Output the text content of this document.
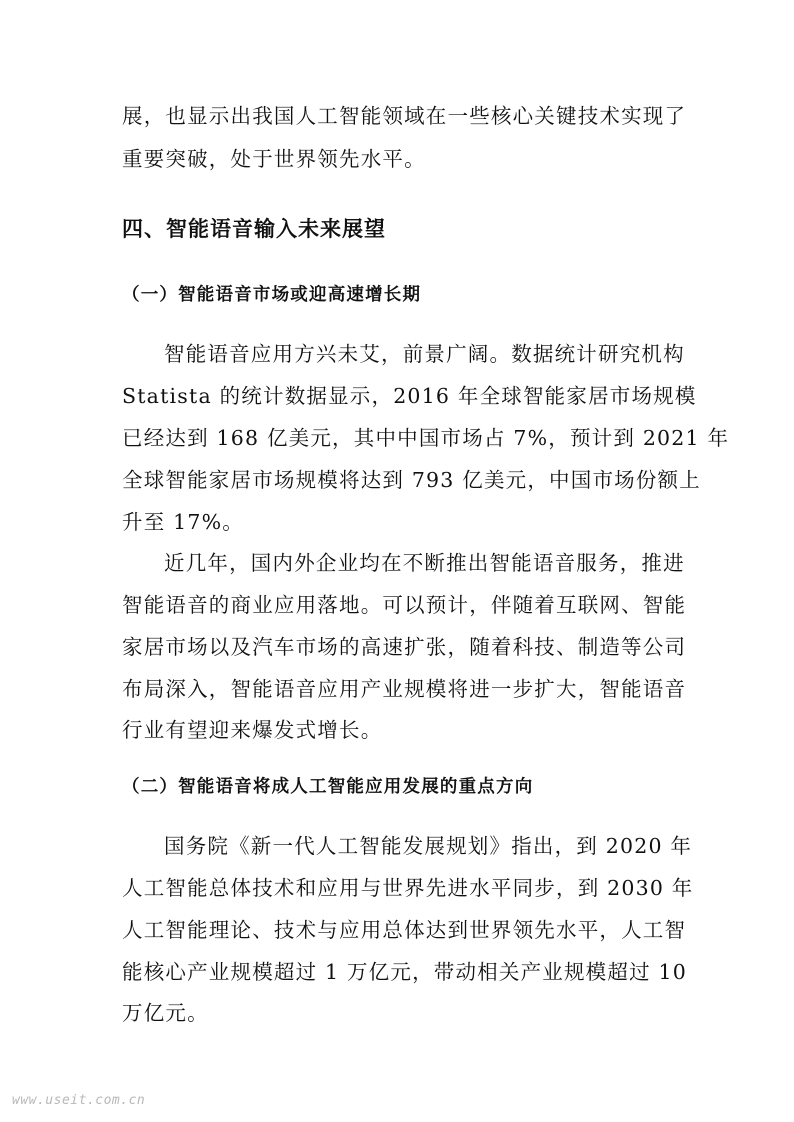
展，也显示出我国人工智能领域在一些核心关键技术实现了
重要突破，处于世界领先水平。
四、智能语音输入未来展望
（一）智能语音市场或迎高速增长期
智能语音应用方兴未艾，前景广阔。数据统计研究机构
Statista 的统计数据显示，2016 年全球智能家居市场规模
已经达到 168 亿美元，其中中国市场占 7%，预计到 2021 年
全球智能家居市场规模将达到 793 亿美元，中国市场份额上
升至 17%。
近几年，国内外企业均在不断推出智能语音服务，推进
智能语音的商业应用落地。可以预计，伴随着互联网、智能
家居市场以及汽车市场的高速扩张，随着科技、制造等公司
布局深入，智能语音应用产业规模将进一步扩大，智能语音
行业有望迎来爆发式增长。
（二）智能语音将成人工智能应用发展的重点方向
国务院《新一代人工智能发展规划》指出，到 2020 年
人工智能总体技术和应用与世界先进水平同步，到 2030 年
人工智能理论、技术与应用总体达到世界领先水平，人工智
能核心产业规模超过 1 万亿元，带动相关产业规模超过 10
万亿元。
www.useit.com.cn
